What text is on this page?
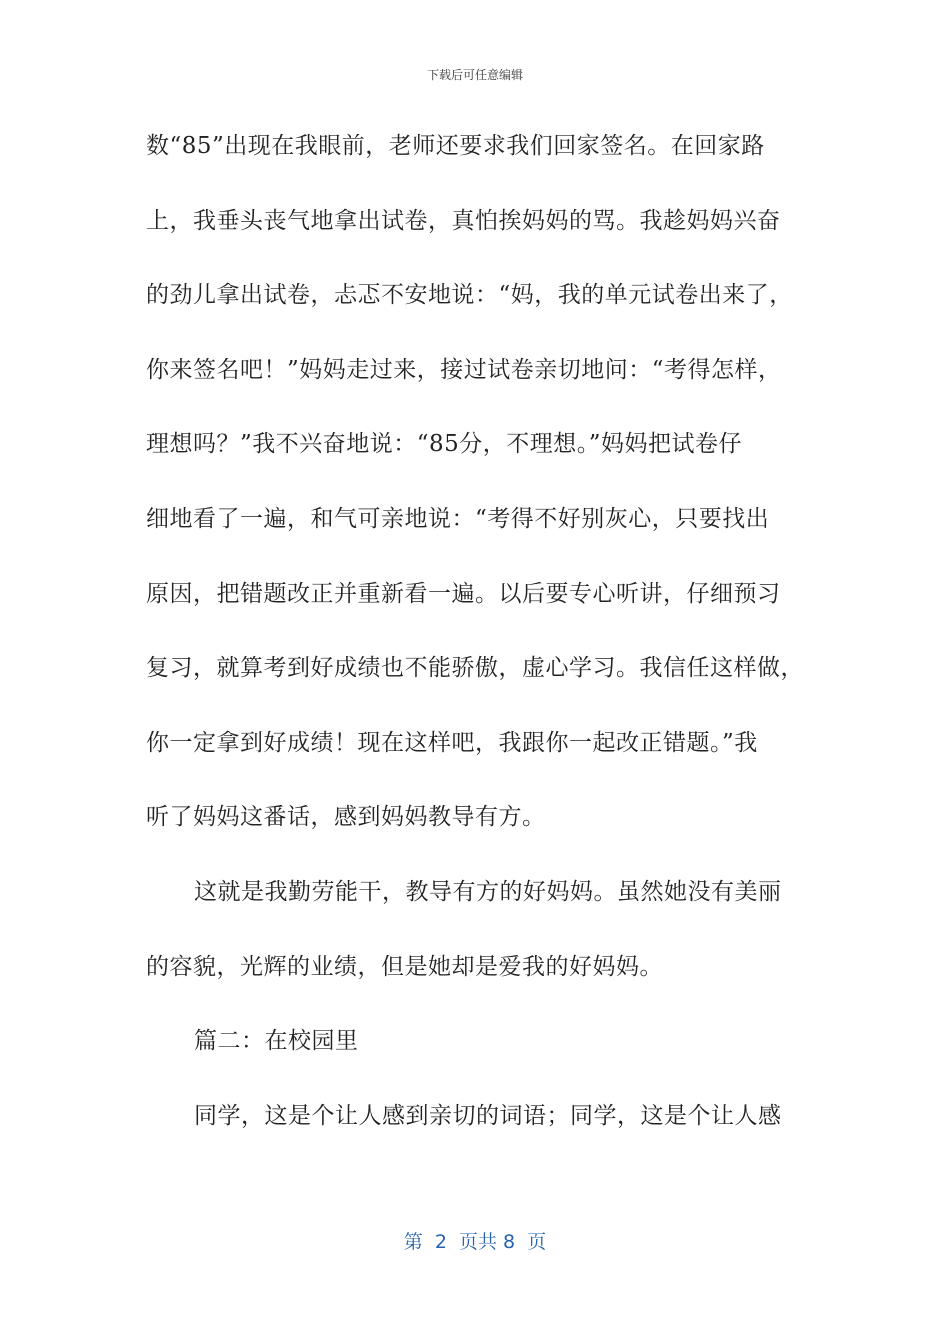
下载后可任意编辑
数“85”出现在我眼前，老师还要求我们回家签名。在回家路
上，我垂头丧气地拿出试卷，真怕挨妈妈的骂。我趁妈妈兴奋
的劲儿拿出试卷，忐忑不安地说：“妈，我的单元试卷出来了，
你来签名吧！”妈妈走过来，接过试卷亲切地问：“考得怎样，
理想吗？”我不兴奋地说：“85分，不理想。”妈妈把试卷仔
细地看了一遍，和气可亲地说：“考得不好别灰心，只要找出
原因，把错题改正并重新看一遍。以后要专心听讲，仔细预习
复习，就算考到好成绩也不能骄傲，虚心学习。我信任这样做，
你一定拿到好成绩！现在这样吧，我跟你一起改正错题。”我
听了妈妈这番话，感到妈妈教导有方。
这就是我勤劳能干，教导有方的好妈妈。虽然她没有美丽
的容貌，光辉的业绩，但是她却是爱我的好妈妈。
篇二：在校园里
同学，这是个让人感到亲切的词语；同学，这是个让人感
第  2  页共 8  页
